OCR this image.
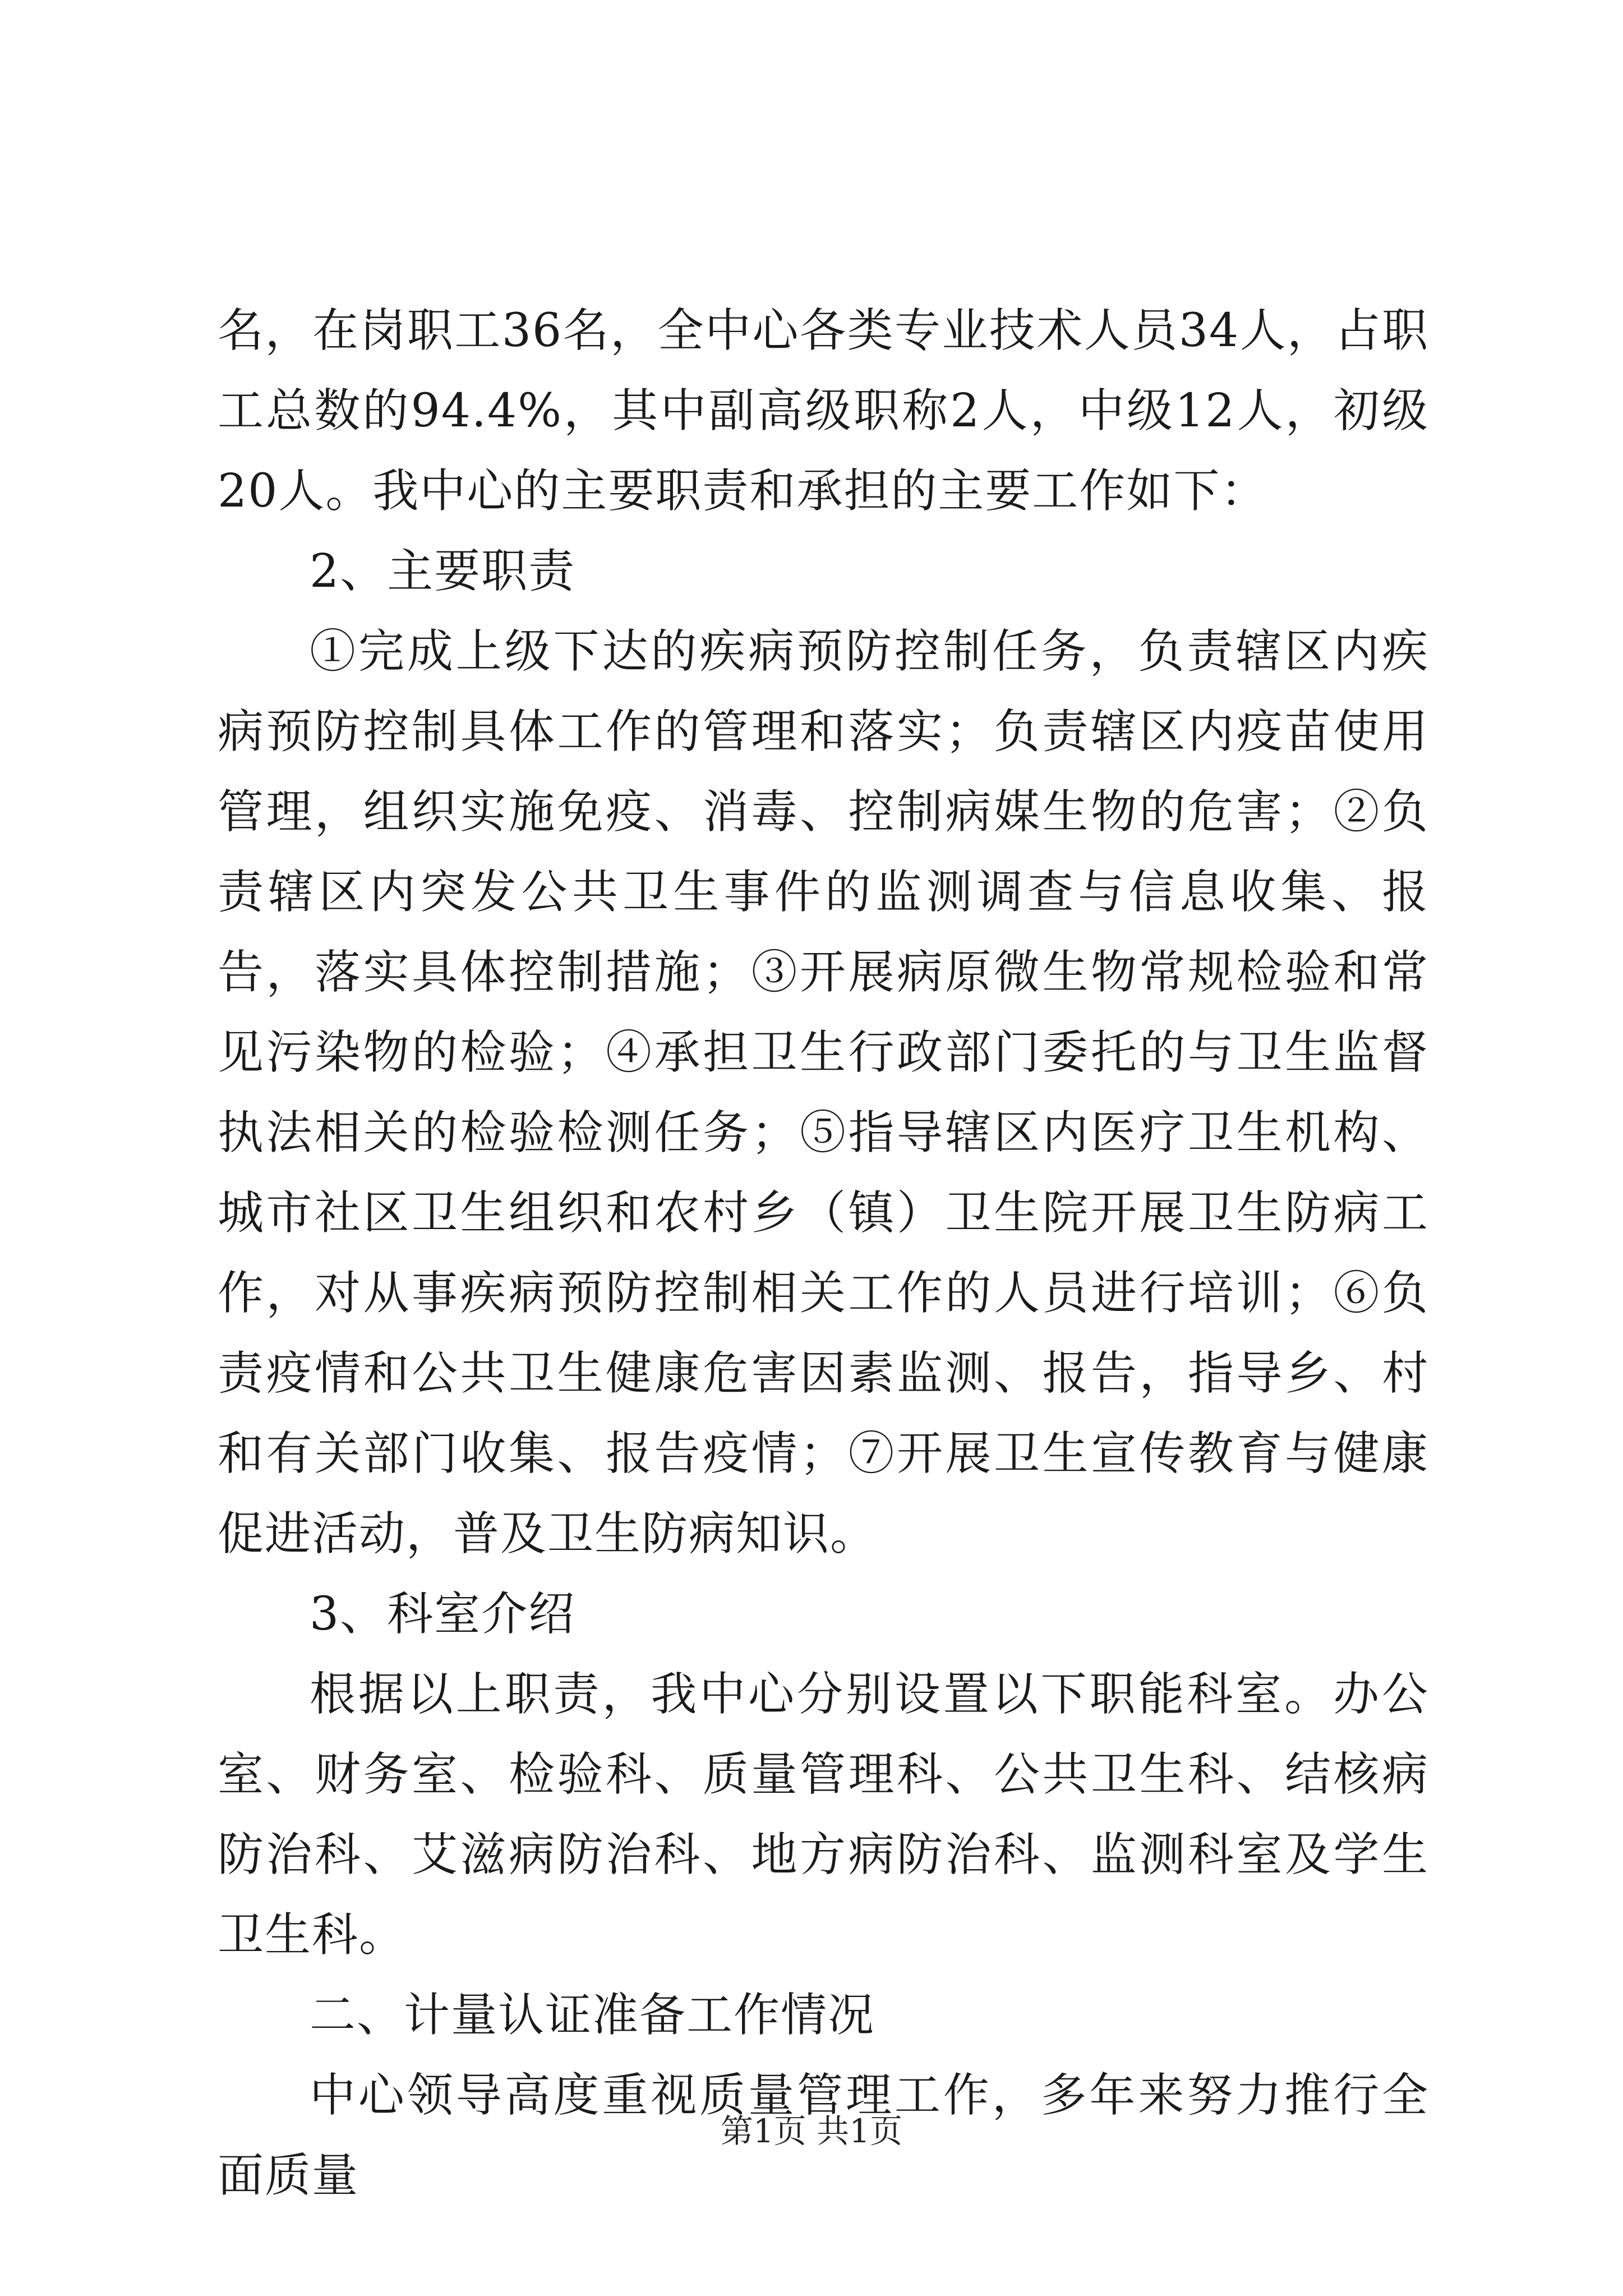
名，在岗职工36名，全中心各类专业技术人员34人，占职工总数的94.4%，其中副高级职称2人，中级12人，初级20人。我中心的主要职责和承担的主要工作如下：

2、主要职责

①完成上级下达的疾病预防控制任务，负责辖区内疾病预防控制具体工作的管理和落实；负责辖区内疫苗使用管理，组织实施免疫、消毒、控制病媒生物的危害；②负责辖区内突发公共卫生事件的监测调查与信息收集、报告，落实具体控制措施；③开展病原微生物常规检验和常见污染物的检验；④承担卫生行政部门委托的与卫生监督执法相关的检验检测任务；⑤指导辖区内医疗卫生机构、城市社区卫生组织和农村乡（镇）卫生院开展卫生防病工作，对从事疾病预防控制相关工作的人员进行培训；⑥负责疫情和公共卫生健康危害因素监测、报告，指导乡、村和有关部门收集、报告疫情；⑦开展卫生宣传教育与健康促进活动，普及卫生防病知识。

3、科室介绍

根据以上职责，我中心分别设置以下职能科室。办公室、财务室、检验科、质量管理科、公共卫生科、结核病防治科、艾滋病防治科、地方病防治科、监测科室及学生卫生科。

二、计量认证准备工作情况

中心领导高度重视质量管理工作，多年来努力推行全面质量

第1页 共1页
